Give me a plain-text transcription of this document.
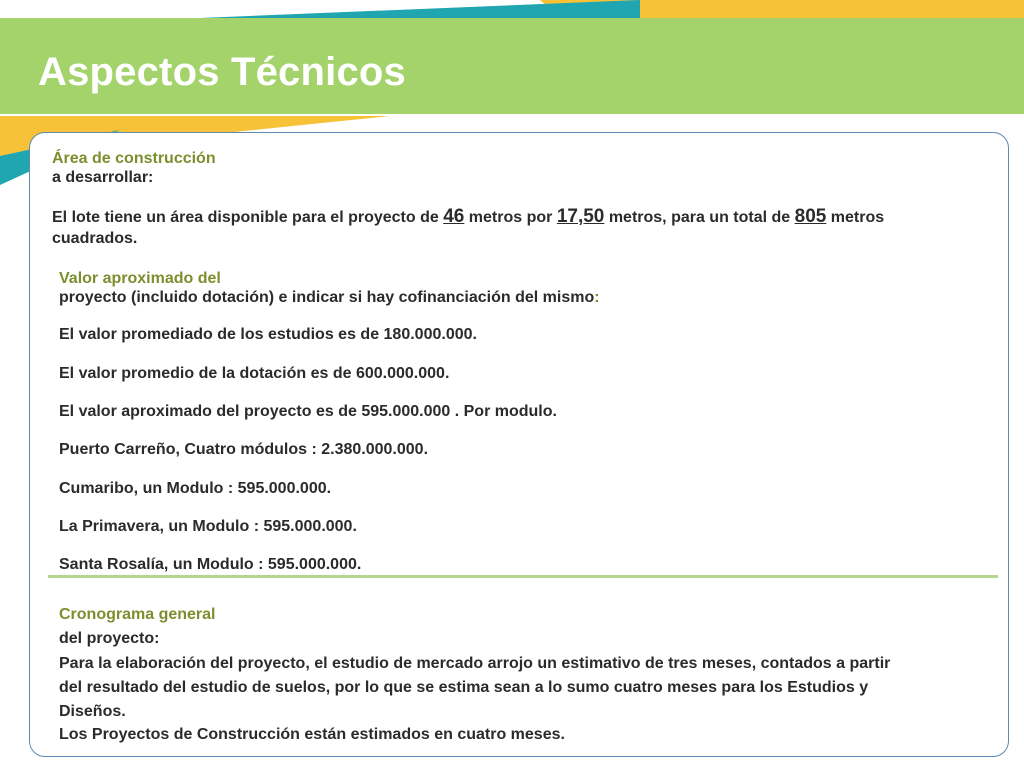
Aspectos Técnicos

Área de construcción

a desarrollar:

El lote tiene un área disponible para el proyecto de 46 metros por 17,50 metros, para un total de 805 metros

cuadrados.

Valor aproximado del

proyecto (incluido dotación) e indicar si hay cofinanciación del mismo:

El valor promediado de los estudios es de 180.000.000.

El valor promedio de la dotación es de 600.000.000.

El valor aproximado del proyecto es de 595.000.000 . Por modulo.

Puerto Carreño, Cuatro módulos : 2.380.000.000.

Cumaribo, un Modulo : 595.000.000.

La Primavera, un Modulo : 595.000.000.

Santa Rosalía, un Modulo : 595.000.000.

Cronograma general

del proyecto:

Para la elaboración del proyecto, el estudio de mercado arrojo un estimativo de tres meses, contados a partir

del resultado del estudio de suelos, por lo que se estima sean a lo sumo cuatro meses para los Estudios y

Diseños.

Los Proyectos de Construcción están estimados en cuatro meses.
